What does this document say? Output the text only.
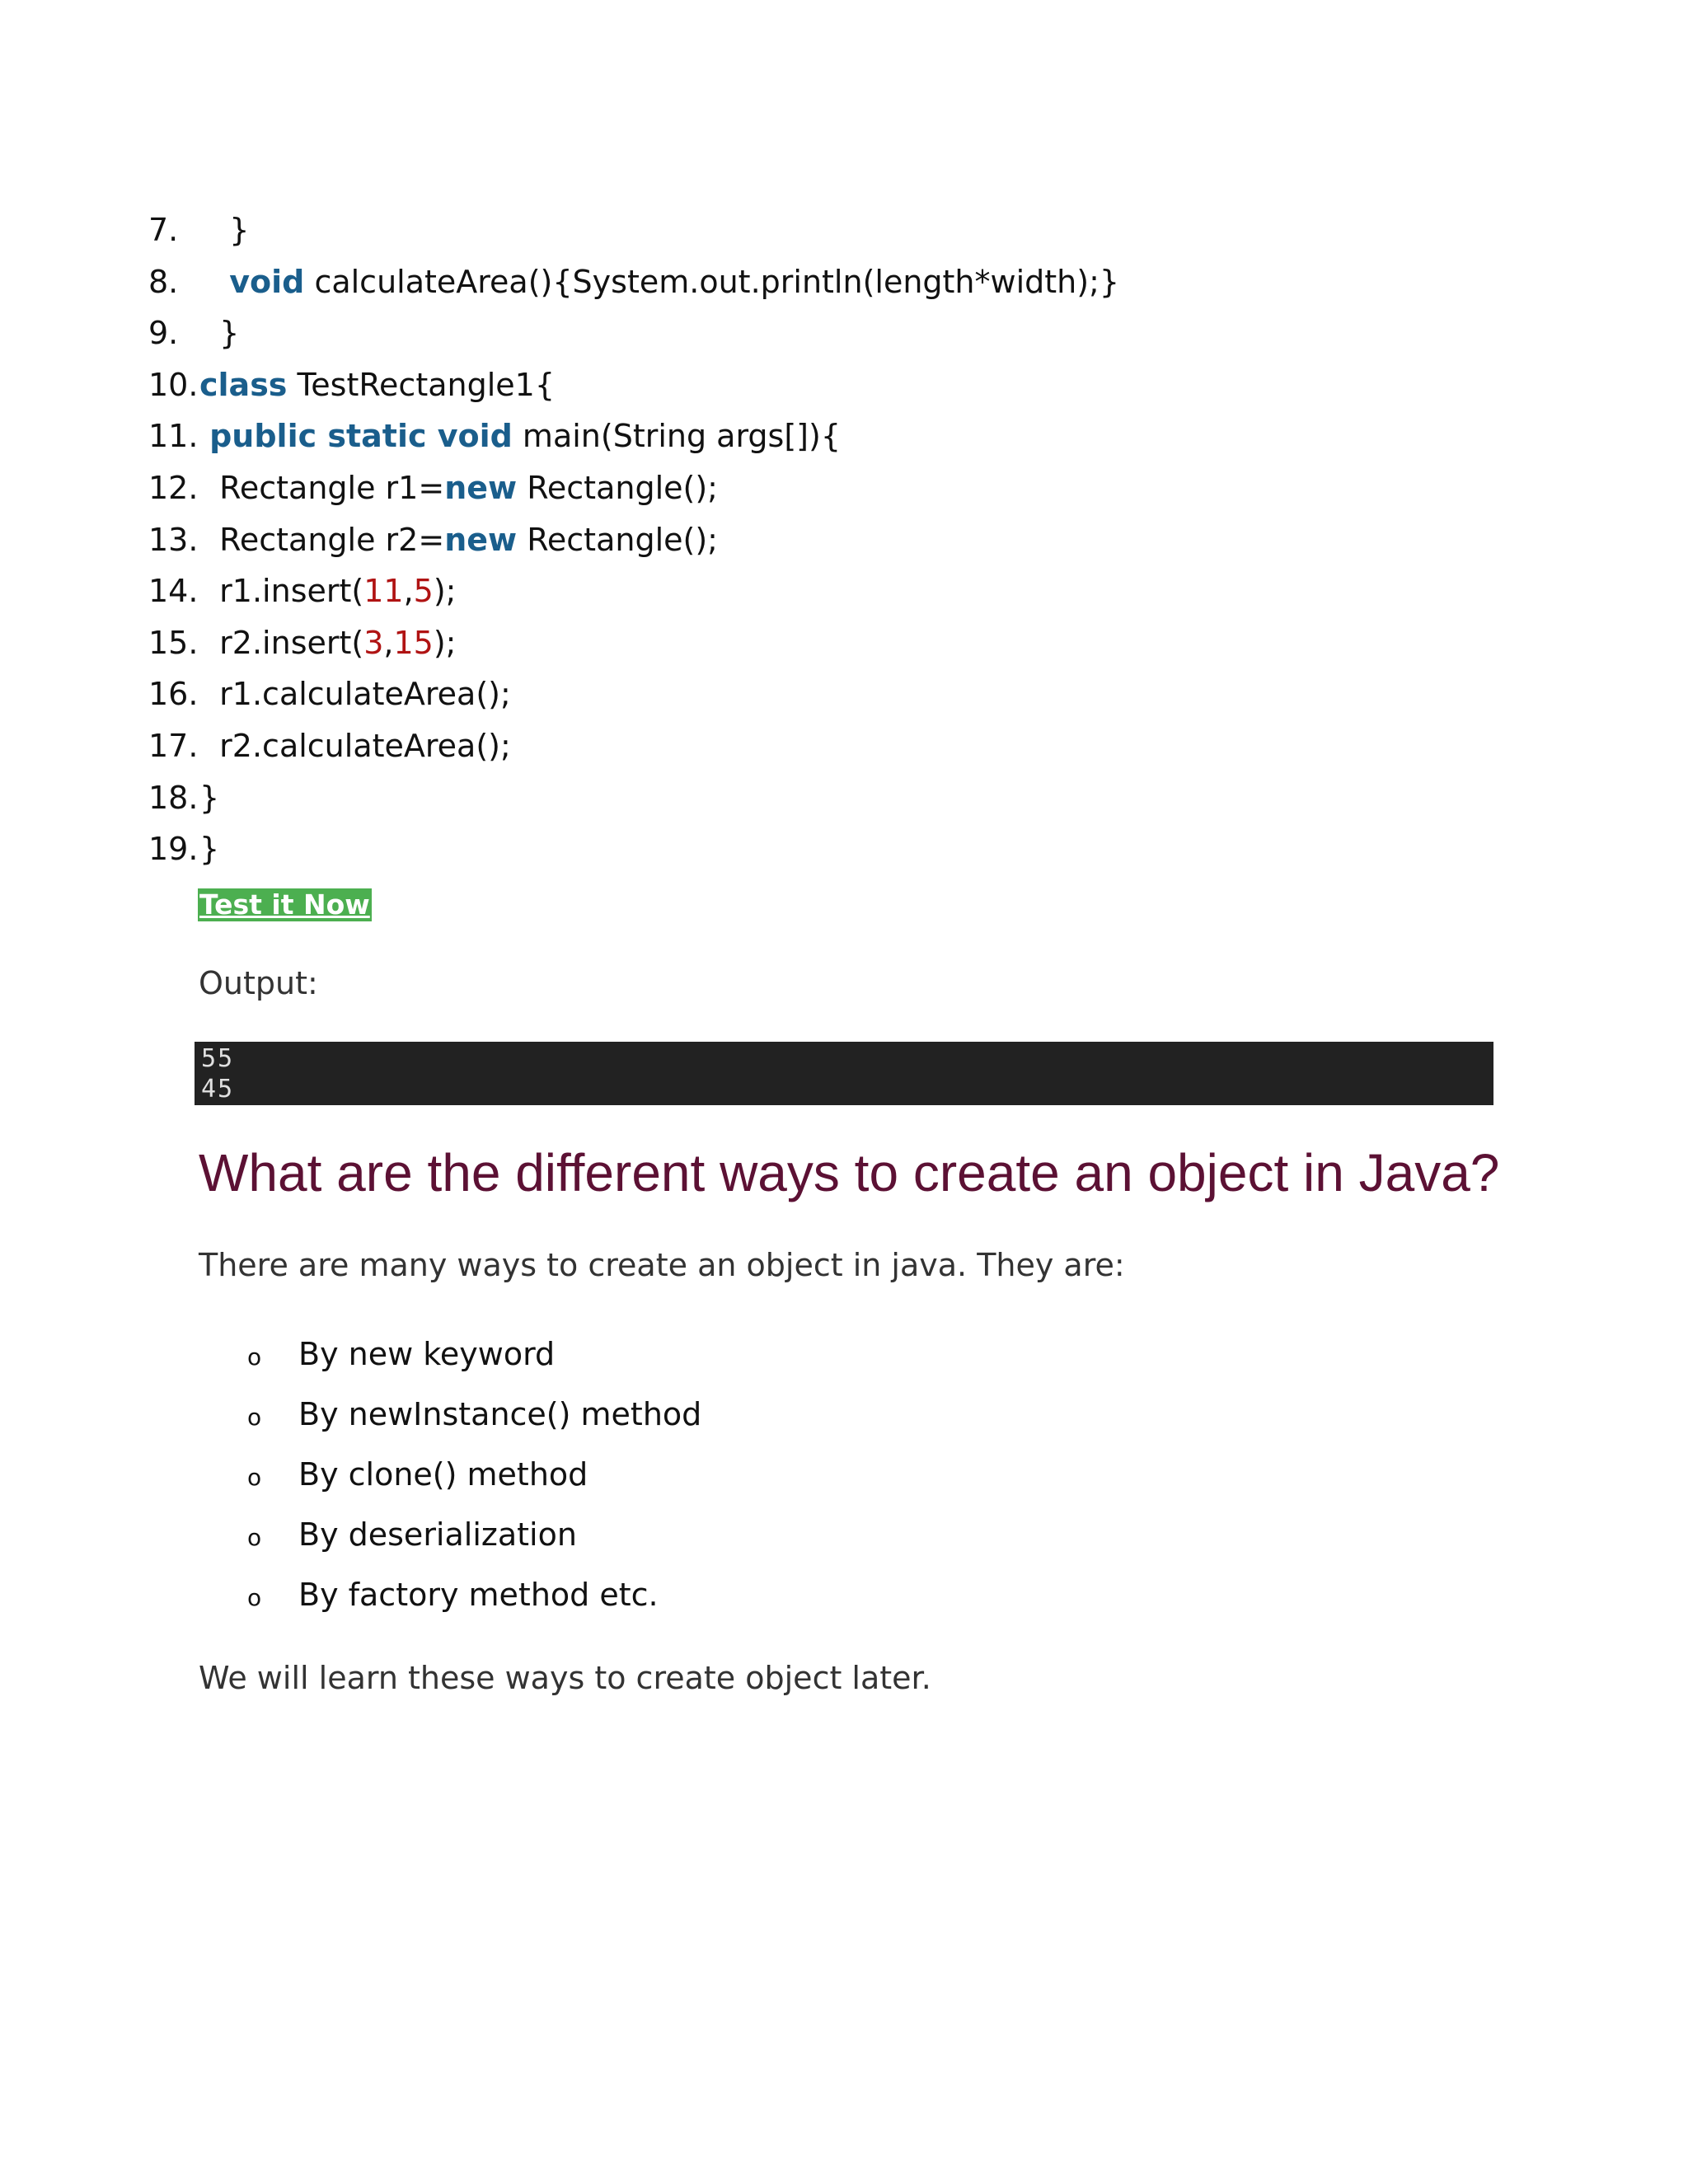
7. }
8. void calculateArea(){System.out.println(length*width);}
9. }
10.class TestRectangle1{
11. public static void main(String args[]){
12. Rectangle r1=new Rectangle();
13. Rectangle r2=new Rectangle();
14. r1.insert(11,5);
15. r2.insert(3,15);
16. r1.calculateArea();
17. r2.calculateArea();
18.}
19.}
Test it Now
Output:
55
45
What are the different ways to create an object in Java?

There are many ways to create an object in java. They are:

o By new keyword
o By newInstance() method
o By clone() method
o By deserialization
o By factory method etc.

We will learn these ways to create object later.
